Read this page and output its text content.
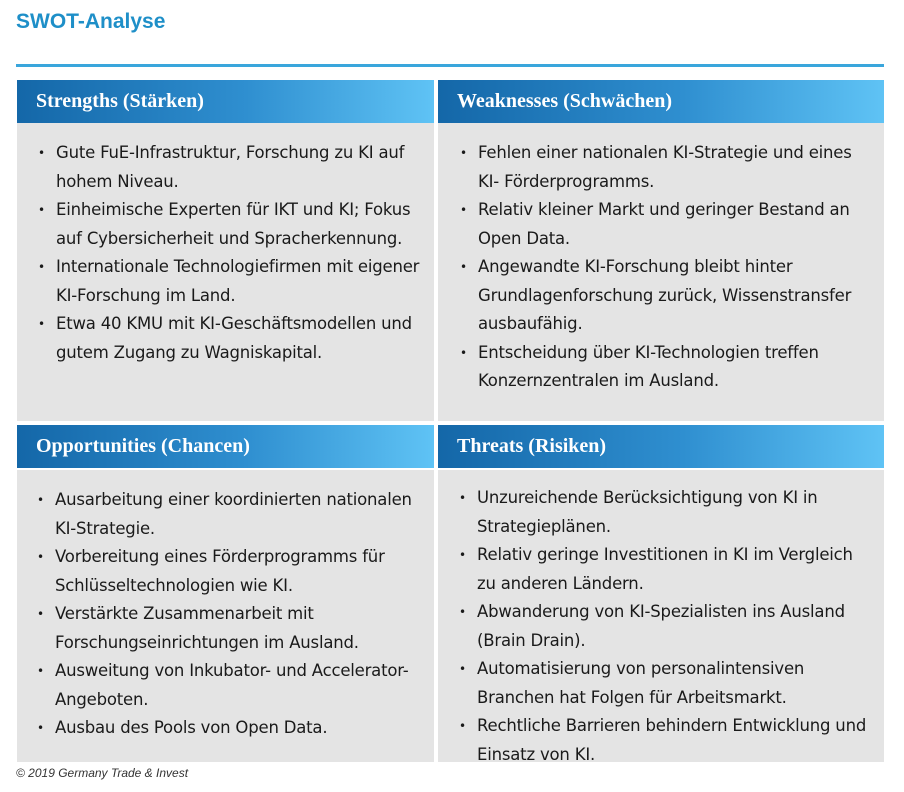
SWOT-Analyse
Strengths (Stärken)
• Gute FuE-Infrastruktur, Forschung zu KI auf hohem Niveau.
• Einheimische Experten für IKT und KI; Fokus auf Cybersicherheit und Spracherkennung.
• Internationale Technologiefirmen mit eigener KI-Forschung im Land.
• Etwa 40 KMU mit KI-Geschäftsmodellen und gutem Zugang zu Wagniskapital.
Weaknesses (Schwächen)
• Fehlen einer nationalen KI-Strategie und eines KI- Förderprogramms.
• Relativ kleiner Markt und geringer Bestand an Open Data.
• Angewandte KI-Forschung bleibt hinter Grundlagenforschung zurück, Wissenstransfer ausbaufähig.
• Entscheidung über KI-Technologien treffen Konzernzentralen im Ausland.
Opportunities (Chancen)
• Ausarbeitung einer koordinierten nationalen KI-Strategie.
• Vorbereitung eines Förderprogramms für Schlüsseltechnologien wie KI.
• Verstärkte Zusammenarbeit mit Forschungseinrichtungen im Ausland.
• Ausweitung von Inkubator- und Accelerator-Angeboten.
• Ausbau des Pools von Open Data.
Threats (Risiken)
• Unzureichende Berücksichtigung von KI in Strategieplänen.
• Relativ geringe Investitionen in KI im Vergleich zu anderen Ländern.
• Abwanderung von KI-Spezialisten ins Ausland (Brain Drain).
• Automatisierung von personalintensiven Branchen hat Folgen für Arbeitsmarkt.
• Rechtliche Barrieren behindern Entwicklung und Einsatz von KI.
© 2019 Germany Trade & Invest
